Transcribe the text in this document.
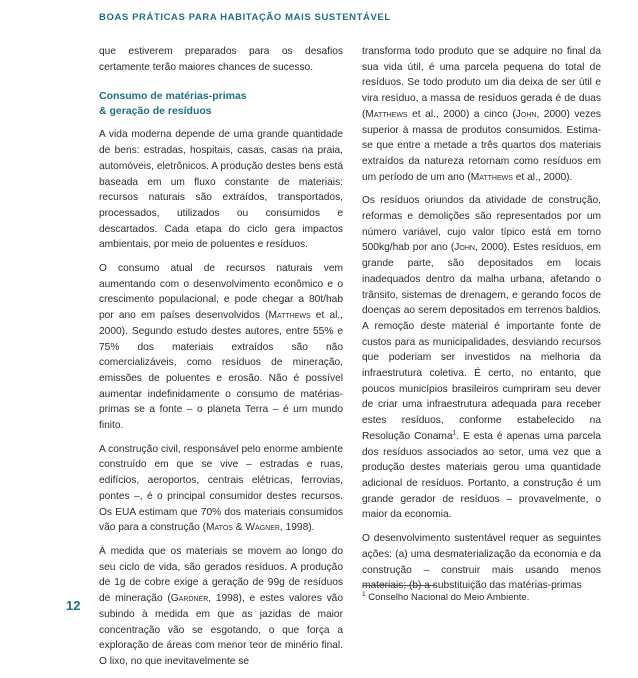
BOAS PRÁTICAS PARA HABITAÇÃO MAIS SUSTENTÁVEL

que estiverem preparados para os desafios certamente terão maiores chances de sucesso.

Consumo de matérias-primas
& geração de resíduos

A vida moderna depende de uma grande quantidade de bens: estradas, hospitais, casas, casas na praia, automóveis, eletrônicos. A produção destes bens está baseada em um fluxo constante de materiais: recursos naturais são extraídos, transportados, processados, utilizados ou consumidos e descartados. Cada etapa do ciclo gera impactos ambientais, por meio de poluentes e resíduos.

O consumo atual de recursos naturais vem aumentando com o desenvolvimento econômico e o crescimento populacional, e pode chegar a 80t/hab por ano em países desenvolvidos (Matthews et al., 2000). Segundo estudo destes autores, entre 55% e 75% dos materiais extraídos são não comercializáveis, como resíduos de mineração, emissões de poluentes e erosão. Não é possível aumentar indefinidamente o consumo de matérias-primas se a fonte – o planeta Terra – é um mundo finito.

A construção civil, responsável pelo enorme ambiente construído em que se vive – estradas e ruas, edifícios, aeroportos, centrais elétricas, ferrovias, pontes –, é o principal consumidor destes recursos. Os EUA estimam que 70% dos materiais consumidos vão para a construção (Matos & Wagner, 1998).

À medida que os materiais se movem ao longo do seu ciclo de vida, são gerados resíduos. A produção de 1g de cobre exige a geração de 99g de resíduos de mineração (Gardner, 1998), e estes valores vão subindo à medida em que as jazidas de maior concentração vão se esgotando, o que força a exploração de áreas com menor teor de minério final. O lixo, no que inevitavelmente se

transforma todo produto que se adquire no final da sua vida útil, é uma parcela pequena do total de resíduos. Se todo produto um dia deixa de ser útil e vira resíduo, a massa de resíduos gerada é de duas (Matthews et al., 2000) a cinco (John, 2000) vezes superior à massa de produtos consumidos. Estima-se que entre a metade a três quartos dos materiais extraídos da natureza retornam como resíduos em um período de um ano (Matthews et al., 2000).

Os resíduos oriundos da atividade de construção, reformas e demolições são representados por um número variável, cujo valor típico está em torno 500kg/hab por ano (John, 2000). Estes resíduos, em grande parte, são depositados em locais inadequados dentro da malha urbana, afetando o trânsito, sistemas de drenagem, e gerando focos de doenças ao serem depositados em terrenos baldios. A remoção deste material é importante fonte de custos para as municipalidades, desviando recursos que poderiam ser investidos na melhoria da infraestrutura coletiva. É certo, no entanto, que poucos municípios brasileiros cumpriram seu dever de criar uma infraestrutura adequada para receber estes resíduos, conforme estabelecido na Resolução Conama$^1$. E esta é apenas uma parcela dos resíduos associados ao setor, uma vez que a produção destes materiais gerou uma quantidade adicional de resíduos. Portanto, a construção é um grande gerador de resíduos – provavelmente, o maior da economia.

O desenvolvimento sustentável requer as seguintes ações: (a) uma desmaterialização da economia e da construção – construir mais usando menos materiais; (b) a substituição das matérias-primas

$^1$ Conselho Nacional do Meio Ambiente.
12
